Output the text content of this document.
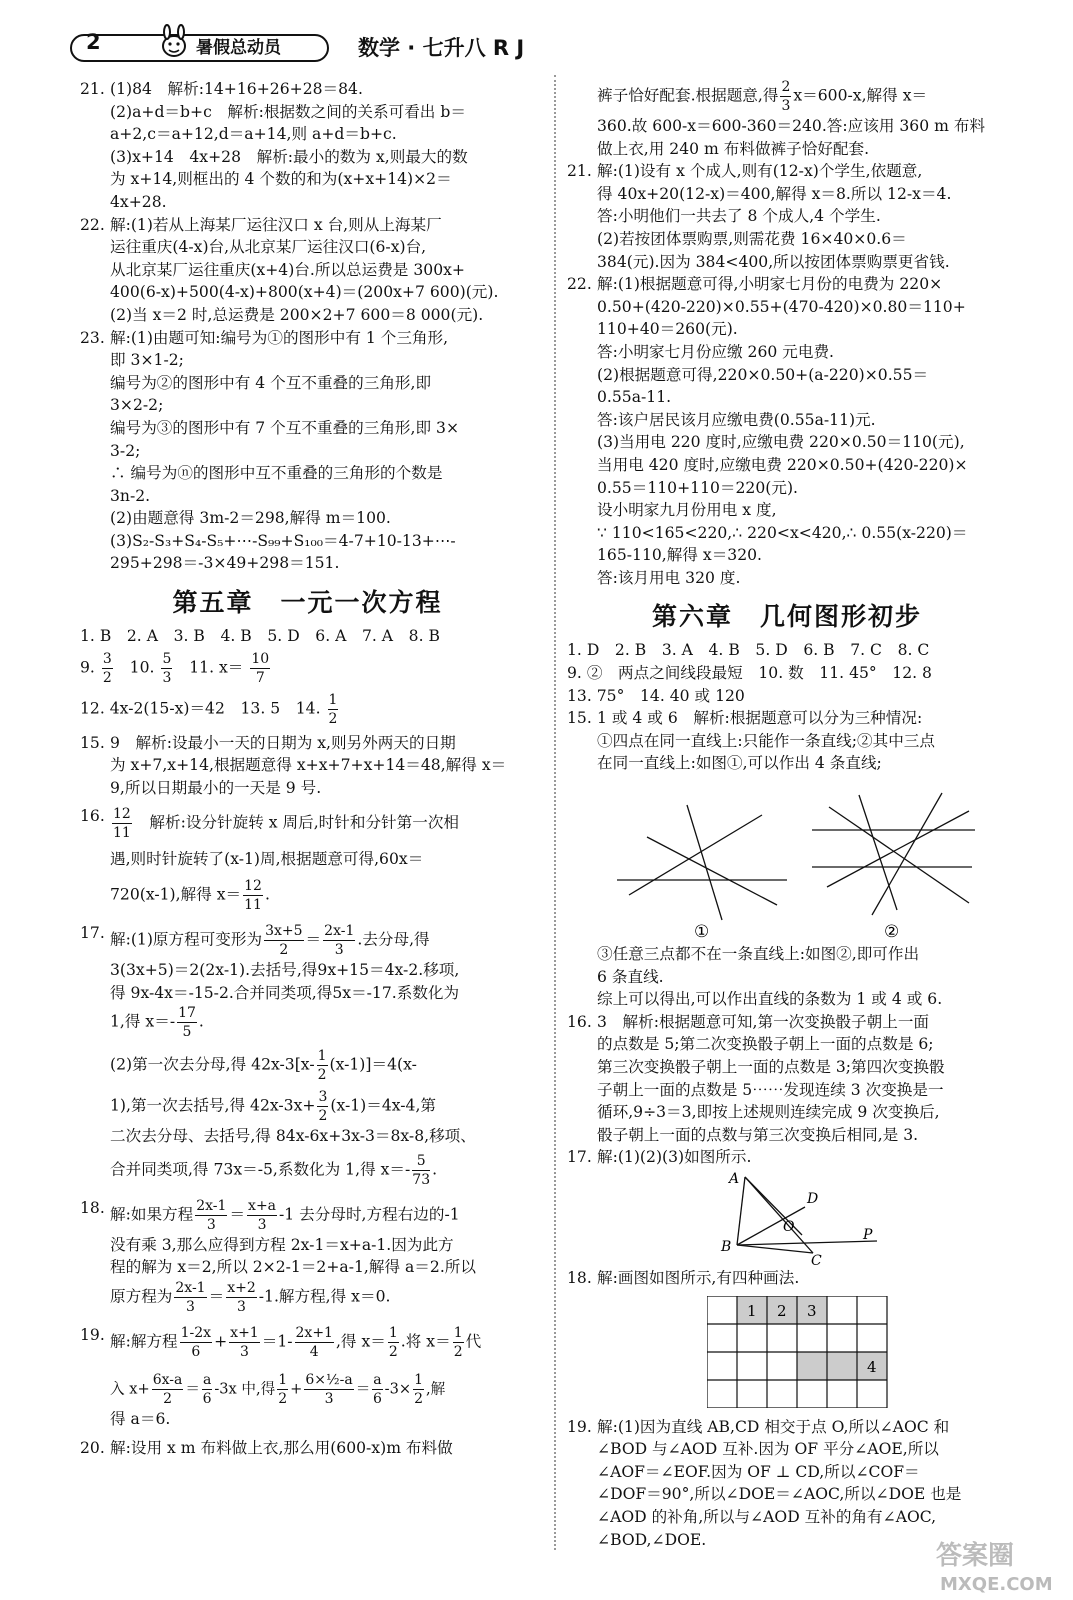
2	暑假总动员	数学 · 七升八 R J
21. (1)84　解析:14+16+26+28＝84.
(2)a+d＝b+c　解析:根据数之间的关系可看出 b＝
a+2,c＝a+12,d＝a+14,则 a+d＝b+c.
(3)x+14　4x+28　解析:最小的数为 x,则最大的数
为 x+14,则框出的 4 个数的和为(x+x+14)×2＝
4x+28.
22. 解:(1)若从上海某厂运往汉口 x 台,则从上海某厂
运往重庆(4-x)台,从北京某厂运往汉口(6-x)台,
从北京某厂运往重庆(x+4)台.所以总运费是 300x+
400(6-x)+500(4-x)+800(x+4)＝(200x+7 600)(元).
(2)当 x＝2 时,总运费是 200×2+7 600＝8 000(元).
23. 解:(1)由题可知:编号为①的图形中有 1 个三角形,
即 3×1-2;
编号为②的图形中有 4 个互不重叠的三角形,即
3×2-2;
编号为③的图形中有 7 个互不重叠的三角形,即 3×
3-2;
∴ 编号为ⓝ的图形中互不重叠的三角形的个数是
3n-2.
(2)由题意得 3m-2＝298,解得 m＝100.
(3)S₂-S₃+S₄-S₅+⋯-S₉₉+S₁₀₀＝4-7+10-13+⋯-
295+298＝-3×49+298＝151.
第五章　一元一次方程
1. B　2. A　3. B　4. B　5. D　6. A　7. A　8. B
9. $\frac{3}{2} 10$. $\frac{5}{3} 11$. $x= \frac{10}{7}$
12. 4x-2(15-x)＝42　13. 5　14. $\frac{1}{2}$
15. 9　解析:设最小一天的日期为 x,则另外两天的日期
为 x+7,x+14,根据题意得 x+x+7+x+14＝48,解得 x＝
9,所以日期最小的一天是 9 号.
16. $\frac{12}{11}$ 　解析:设分针旋转 x 周后,时针和分针第一次相
遇,则时针旋转了(x-1)周,根据题意可得,60x＝
720(x-1),解得 $x= \frac{12}{11}$ .
17. 解:(1)原方程可变形为 $\frac{3x+5}{2} = \frac{2x-1}{3}$ .去分母,得
3(3x+5)＝2(2x-1).去括号,得9x+15＝4x-2.移项,
得 9x-4x＝-15-2.合并同类项,得5x＝-17.系数化为
1,得 $x=- \frac{17}{5}$ .
(2)第一次去分母,得 $42x-3[x- \frac{1}{2} (x-1)]=4(x-$
1),第一次去括号,得 $42x-3x+ \frac{3}{2} (x-1)=4x-4$,第
二次去分母、去括号,得 84x-6x+3x-3＝8x-8,移项、
合并同类项,得 73x＝-5,系数化为 1,得 $x=- \frac{5}{73}$ .
18. 解:如果方程 $\frac{2x-1}{3} = \frac{x+a}{3} -1$ 去分母时,方程右边的-1
没有乘 3,那么应得到方程 2x-1＝x+a-1.因为此方
程的解为 x＝2,所以 2×2-1＝2+a-1,解得 a＝2.所以
原方程为 $\frac{2x-1}{3} = \frac{x+2}{3} -1$.解方程,得 x＝0.
19. 解:解方程 $\frac{1-2x}{6} + \frac{x+1}{3} =1- \frac{2x+1}{4}$ ,得 $x= \frac{1}{2}$ .将 $x= \frac{1}{2}$ 代
入 $x+ \frac{6x-a}{2} = \frac{a}{6} -3x$ 中,得 $\frac{1}{2} + \frac{\text{6×½-a}}{3} = \frac{a}{6} -3\times \frac{1}{2}$ ,解
得 a＝6.
20. 解:设用 x m 布料做上衣,那么用(600-x)m 布料做
裤子恰好配套.根据题意,得 $\frac{2}{3} x=600-x$,解得 x＝
360.故 600-x＝600-360＝240.答:应该用 360 m 布料
做上衣,用 240 m 布料做裤子恰好配套.
21. 解:(1)设有 x 个成人,则有(12-x)个学生,依题意,
得 40x+20(12-x)＝400,解得 x＝8.所以 12-x＝4.
答:小明他们一共去了 8 个成人,4 个学生.
(2)若按团体票购票,则需花费 16×40×0.6＝
384(元).因为 384<400,所以按团体票购票更省钱.
22. 解:(1)根据题意可得,小明家七月份的电费为 220×
0.50+(420-220)×0.55+(470-420)×0.80＝110+
110+40＝260(元).
答:小明家七月份应缴 260 元电费.
(2)根据题意可得,220×0.50+(a-220)×0.55＝
0.55a-11.
答:该户居民该月应缴电费(0.55a-11)元.
(3)当用电 220 度时,应缴电费 220×0.50＝110(元),
当用电 420 度时,应缴电费 220×0.50+(420-220)×
0.55＝110+110＝220(元).
设小明家九月份用电 x 度,
∵ 110<165<220,∴ 220<x<420,∴ 0.55(x-220)＝
165-110,解得 x＝320.
答:该月用电 320 度.
第六章　几何图形初步
1. D　2. B　3. A　4. B　5. D　6. B　7. C　8. C
9. ②　两点之间线段最短　10. 数　11. 45°　12. 8
13. 75°　14. 40 或 120
15. 1 或 4 或 6　解析:根据题意可以分为三种情况:
①四点在同一直线上:只能作一条直线;②其中三点
在同一直线上:如图①,可以作出 4 条直线;
①	②
③任意三点都不在一条直线上:如图②,即可作出
6 条直线.
综上可以得出,可以作出直线的条数为 1 或 4 或 6.
16. 3　解析:根据题意可知,第一次变换骰子朝上一面
的点数是 5;第二次变换骰子朝上一面的点数是 6;
第三次变换骰子朝上一面的点数是 3;第四次变换骰
子朝上一面的点数是 5⋯⋯发现连续 3 次变换是一
循环,9÷3＝3,即按上述规则连续完成 9 次变换后,
骰子朝上一面的点数与第三次变换后相同,是 3.
17. 解:(1)(2)(3)如图所示.
A
B
C
D
O	P
18. 解:画图如图所示,有四种画法.
1 2 3
4
19. 解:(1)因为直线 AB,CD 相交于点 O,所以∠AOC 和
∠BOD 与∠AOD 互补.因为 OF 平分∠AOE,所以
∠AOF＝∠EOF.因为 OF ⊥ CD,所以∠COF＝
∠DOF＝90°,所以∠DOE＝∠AOC,所以∠DOE 也是
∠AOD 的补角,所以与∠AOD 互补的角有∠AOC,
∠BOD,∠DOE.
答案圈
MXQE.COM
